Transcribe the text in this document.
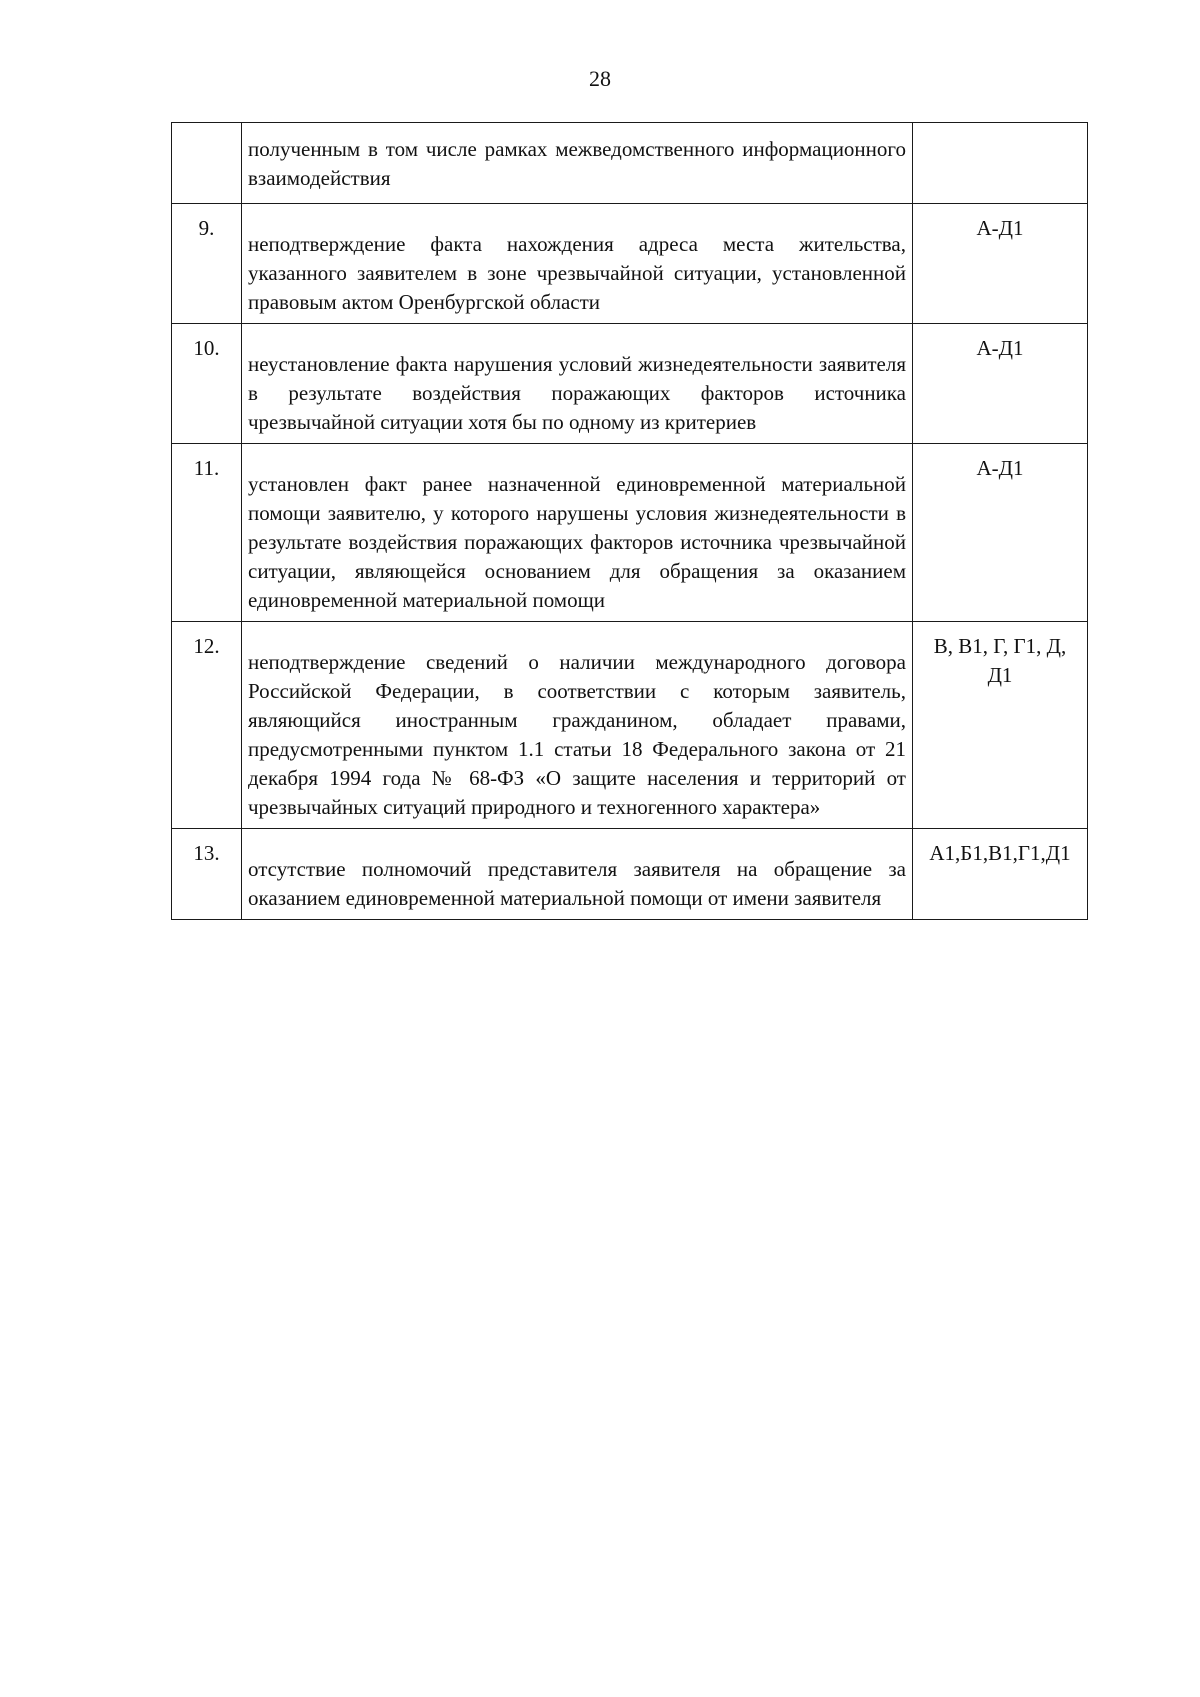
28
	полученным в том числе рамках межведомственного информационного взаимодействия	
9.	неподтверждение факта нахождения адреса места жительства, указанного заявителем в зоне чрезвычайной ситуации, установленной правовым актом Оренбургской области	А-Д1
10.	неустановление факта нарушения условий жизнедеятельности заявителя в результате воздействия поражающих факторов источника чрезвычайной ситуации хотя бы по одному из критериев	А-Д1
11.	установлен факт ранее назначенной единовременной материальной помощи заявителю, у которого нарушены условия жизнедеятельности в результате воздействия поражающих факторов источника чрезвычайной ситуации, являющейся основанием для обращения за оказанием единовременной материальной помощи	А-Д1
12.	неподтверждение сведений о наличии международного договора Российской Федерации, в соответствии с которым заявитель, являющийся иностранным гражданином, обладает правами, предусмотренными пунктом 1.1 статьи 18 Федерального закона от 21 декабря 1994 года № 68-ФЗ «О защите населения и территорий от чрезвычайных ситуаций природного и техногенного характера»	В, В1, Г, Г1, Д, Д1
13.	отсутствие полномочий представителя заявителя на обращение за оказанием единовременной материальной помощи от имени заявителя	А1,Б1,В1,Г1,Д1
